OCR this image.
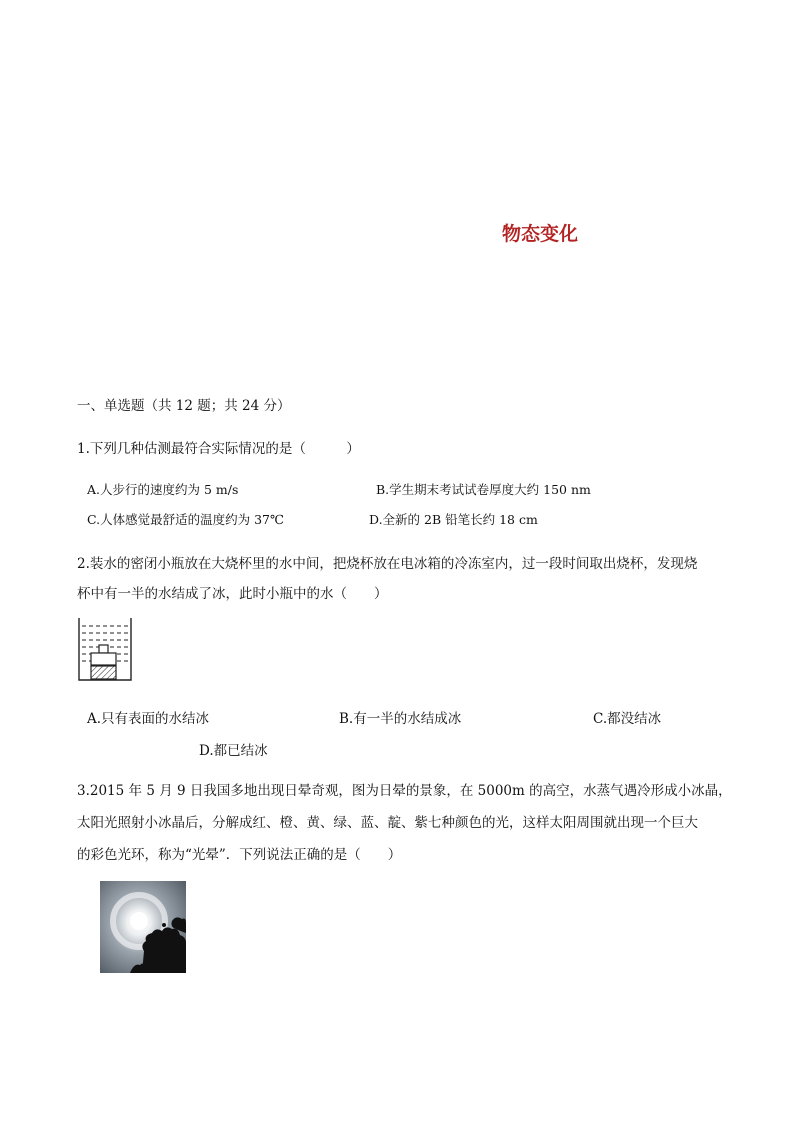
物态变化
一、单选题（共 12 题；共 24 分）
1.下列几种估测最符合实际情况的是（　　　）
A.人步行的速度约为 5 m/s	B.学生期末考试试卷厚度大约 150 nm
C.人体感觉最舒适的温度约为 37℃	D.全新的 2B 铅笔长约 18 cm
2.装水的密闭小瓶放在大烧杯里的水中间，把烧杯放在电冰箱的冷冻室内，过一段时间取出烧杯，发现烧
杯中有一半的水结成了冰，此时小瓶中的水（　　）
A.只有表面的水结冰	B.有一半的水结成冰	C.都没结冰
D.都已结冰
3.2015 年 5 月 9 日我国多地出现日晕奇观，图为日晕的景象，在 5000m 的高空，水蒸气遇冷形成小冰晶，
太阳光照射小冰晶后，分解成红、橙、黄、绿、蓝、靛、紫七种颜色的光，这样太阳周围就出现一个巨大
的彩色光环，称为“光晕”．下列说法正确的是（　　）
